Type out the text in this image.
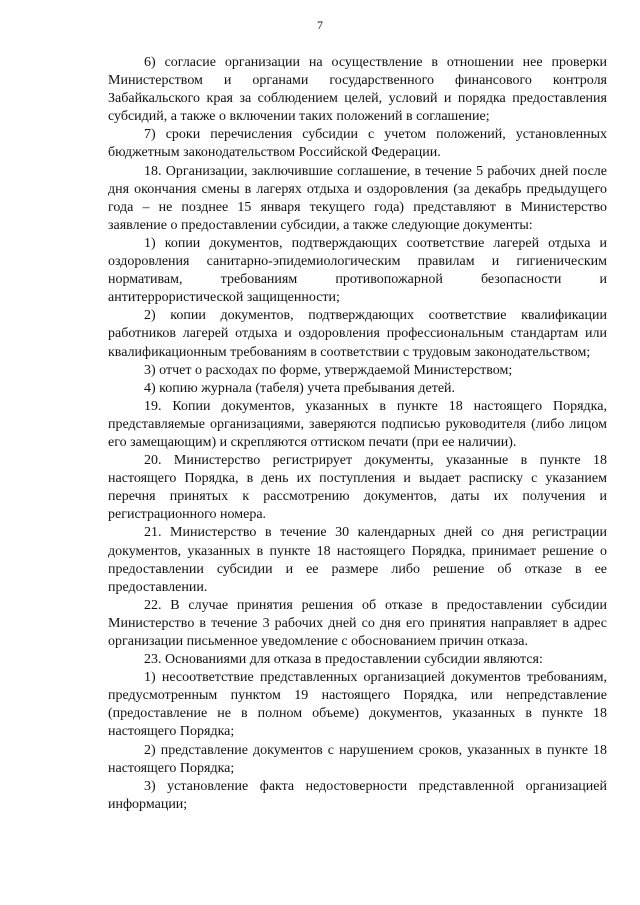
7

6) согласие организации на осуществление в отношении нее проверки Министерством и органами государственного финансового контроля Забайкальского края за соблюдением целей, условий и порядка предоставления субсидий, а также о включении таких положений в соглашение;

7) сроки перечисления субсидии с учетом положений, установленных бюджетным законодательством Российской Федерации.

18. Организации, заключившие соглашение, в течение 5 рабочих дней после дня окончания смены в лагерях отдыха и оздоровления (за декабрь предыдущего года – не позднее 15 января текущего года) представляют в Министерство заявление о предоставлении субсидии, а также следующие документы:

1) копии документов, подтверждающих соответствие лагерей отдыха и оздоровления санитарно-эпидемиологическим правилам и гигиеническим нормативам, требованиям противопожарной безопасности и антитеррористической защищенности;

2) копии документов, подтверждающих соответствие квалификации работников лагерей отдыха и оздоровления профессиональным стандартам или квалификационным требованиям в соответствии с трудовым законодательством;

3) отчет о расходах по форме, утверждаемой Министерством;

4) копию журнала (табеля) учета пребывания детей.

19. Копии документов, указанных в пункте 18 настоящего Порядка, представляемые организациями, заверяются подписью руководителя (либо лицом его замещающим) и скрепляются оттиском печати (при ее наличии).

20. Министерство регистрирует документы, указанные в пункте 18 настоящего Порядка, в день их поступления и выдает расписку с указанием перечня принятых к рассмотрению документов, даты их получения и регистрационного номера.

21. Министерство в течение 30 календарных дней со дня регистрации документов, указанных в пункте 18 настоящего Порядка, принимает решение о предоставлении субсидии и ее размере либо решение об отказе в ее предоставлении.

22. В случае принятия решения об отказе в предоставлении субсидии Министерство в течение 3 рабочих дней со дня его принятия направляет в адрес организации письменное уведомление с обоснованием причин отказа.

23. Основаниями для отказа в предоставлении субсидии являются:

1) несоответствие представленных организацией документов требованиям, предусмотренным пунктом 19 настоящего Порядка, или непредставление (предоставление не в полном объеме) документов, указанных в пункте 18 настоящего Порядка;

2) представление документов с нарушением сроков, указанных в пункте 18 настоящего Порядка;

3) установление факта недостоверности представленной организацией информации;
